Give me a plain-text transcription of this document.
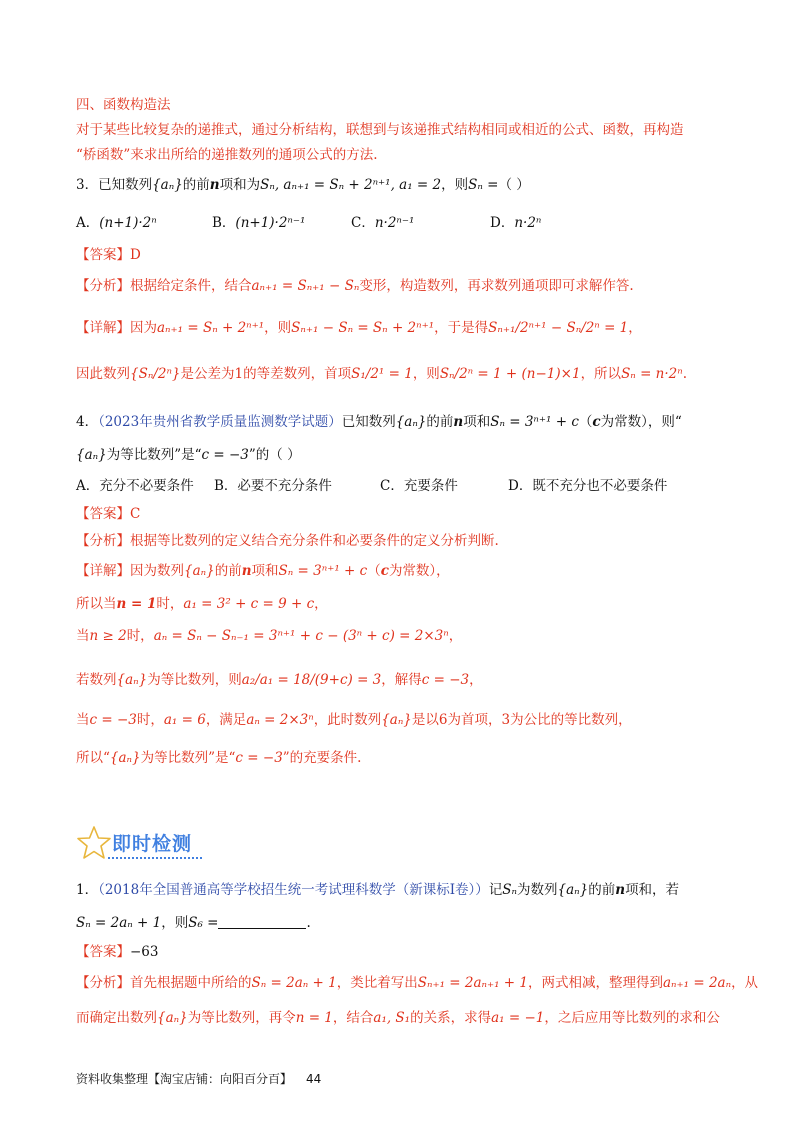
四、函数构造法
对于某些比较复杂的递推式，通过分析结构，联想到与该递推式结构相同或相近的公式、函数，再构造
“桥函数”来求出所给的递推数列的通项公式的方法.
3．已知数列{aₙ}的前n项和为Sₙ, aₙ₊₁ = Sₙ + 2ⁿ⁺¹, a₁ = 2，则Sₙ =（ ）
A．(n+1)·2ⁿ	B．(n+1)·2ⁿ⁻¹	C．n·2ⁿ⁻¹	D．n·2ⁿ
【答案】D
【分析】根据给定条件，结合aₙ₊₁ = Sₙ₊₁ − Sₙ变形，构造数列，再求数列通项即可求解作答.
【详解】因为aₙ₊₁ = Sₙ + 2ⁿ⁺¹，则Sₙ₊₁ − Sₙ = Sₙ + 2ⁿ⁺¹，于是得Sₙ₊₁/2ⁿ⁺¹ − Sₙ/2ⁿ = 1，
因此数列{Sₙ/2ⁿ}是公差为1的等差数列，首项S₁/2¹ = 1，则Sₙ/2ⁿ = 1 + (n−1)×1，所以Sₙ = n·2ⁿ.
4．（2023年贵州省教学质量监测数学试题）已知数列{aₙ}的前n项和Sₙ = 3ⁿ⁺¹ + c（c为常数），则“
{aₙ}为等比数列”是“c = −3”的（ ）
A．充分不必要条件 B．必要不充分条件	C．充要条件	D．既不充分也不必要条件
【答案】C
【分析】根据等比数列的定义结合充分条件和必要条件的定义分析判断.
【详解】因为数列{aₙ}的前n项和Sₙ = 3ⁿ⁺¹ + c（c为常数），
所以当n = 1时，a₁ = 3² + c = 9 + c，
当n ≥ 2时，aₙ = Sₙ − Sₙ₋₁ = 3ⁿ⁺¹ + c − (3ⁿ + c) = 2×3ⁿ，
若数列{aₙ}为等比数列，则a₂/a₁ = 18/(9+c) = 3，解得c = −3，
当c = −3时，a₁ = 6，满足aₙ = 2×3ⁿ，此时数列{aₙ}是以6为首项，3为公比的等比数列，
所以“{aₙ}为等比数列”是“c = −3”的充要条件.
即时检测
1．（2018年全国普通高等学校招生统一考试理科数学（新课标I卷））记Sₙ为数列{aₙ}的前n项和，若
Sₙ = 2aₙ + 1，则S₆ =	.
【答案】−63
【分析】首先根据题中所给的Sₙ = 2aₙ + 1，类比着写出Sₙ₊₁ = 2aₙ₊₁ + 1，两式相减，整理得到aₙ₊₁ = 2aₙ，从
而确定出数列{aₙ}为等比数列，再令n = 1，结合a₁, S₁的关系，求得a₁ = −1，之后应用等比数列的求和公
资料收集整理【淘宝店铺：向阳百分百】 44
